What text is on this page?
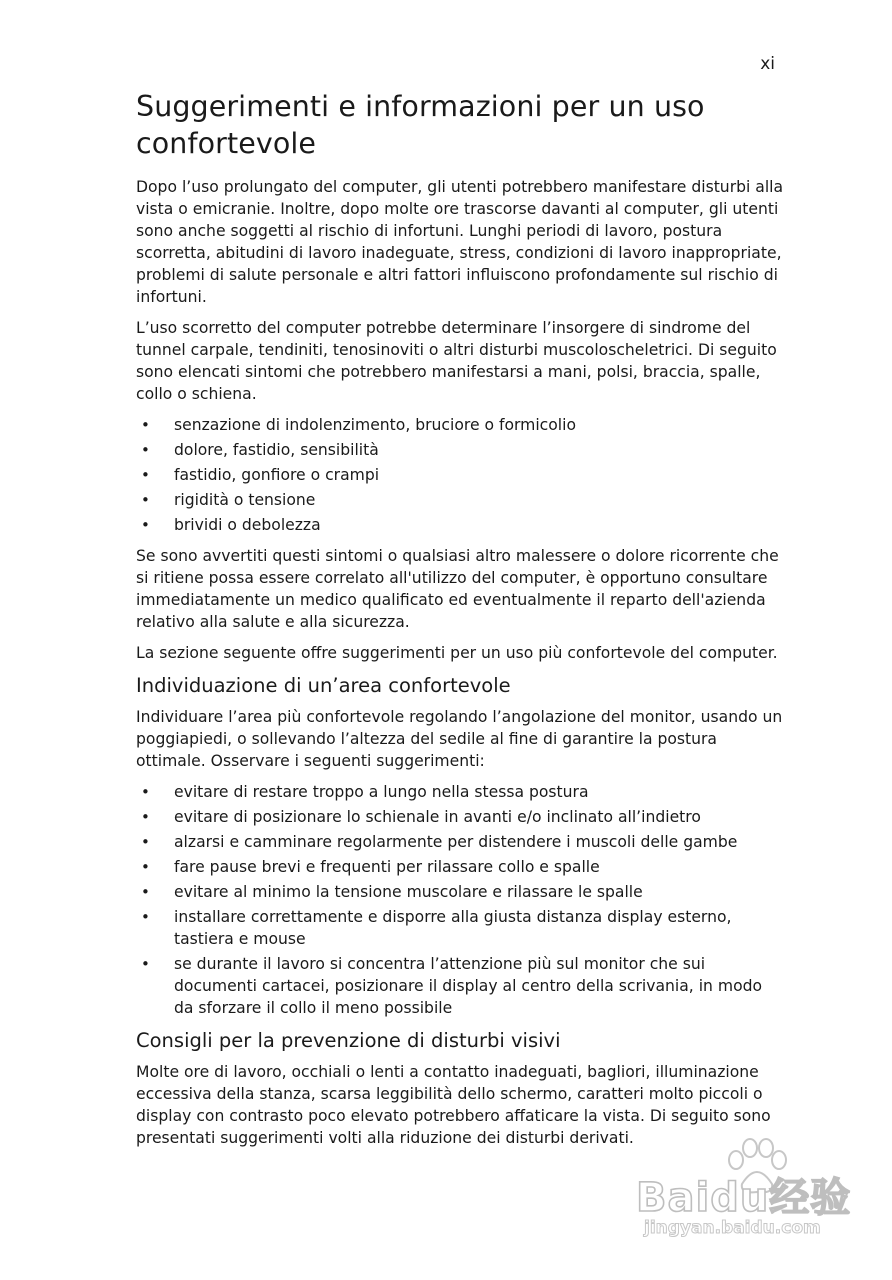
xi
Suggerimenti e informazioni per un uso confortevole

Dopo l’uso prolungato del computer, gli utenti potrebbero manifestare disturbi alla vista o emicranie. Inoltre, dopo molte ore trascorse davanti al computer, gli utenti sono anche soggetti al rischio di infortuni. Lunghi periodi di lavoro, postura scorretta, abitudini di lavoro inadeguate, stress, condizioni di lavoro inappropriate, problemi di salute personale e altri fattori influiscono profondamente sul rischio di infortuni.

L’uso scorretto del computer potrebbe determinare l’insorgere di sindrome del tunnel carpale, tendiniti, tenosinoviti o altri disturbi muscoloscheletrici. Di seguito sono elencati sintomi che potrebbero manifestarsi a mani, polsi, braccia, spalle, collo o schiena.

• senzazione di indolenzimento, bruciore o formicolio
• dolore, fastidio, sensibilità
• fastidio, gonfiore o crampi
• rigidità o tensione
• brividi o debolezza

Se sono avvertiti questi sintomi o qualsiasi altro malessere o dolore ricorrente che si ritiene possa essere correlato all'utilizzo del computer, è opportuno consultare immediatamente un medico qualificato ed eventualmente il reparto dell'azienda relativo alla salute e alla sicurezza.

La sezione seguente offre suggerimenti per un uso più confortevole del computer.

Individuazione di un’area confortevole

Individuare l’area più confortevole regolando l’angolazione del monitor, usando un poggiapiedi, o sollevando l’altezza del sedile al fine di garantire la postura ottimale. Osservare i seguenti suggerimenti:

• evitare di restare troppo a lungo nella stessa postura
• evitare di posizionare lo schienale in avanti e/o inclinato all’indietro
• alzarsi e camminare regolarmente per distendere i muscoli delle gambe
• fare pause brevi e frequenti per rilassare collo e spalle
• evitare al minimo la tensione muscolare e rilassare le spalle
• installare correttamente e disporre alla giusta distanza display esterno, tastiera e mouse
• se durante il lavoro si concentra l’attenzione più sul monitor che sui documenti cartacei, posizionare il display al centro della scrivania, in modo da sforzare il collo il meno possibile
Consigli per la prevenzione di disturbi visivi

Molte ore di lavoro, occhiali o lenti a contatto inadeguati, bagliori, illuminazione eccessiva della stanza, scarsa leggibilità dello schermo, caratteri molto piccoli o display con contrasto poco elevato potrebbero affaticare la vista. Di seguito sono presentati suggerimenti volti alla riduzione dei disturbi derivati.

Baidu经验
jingyan.baidu.com
